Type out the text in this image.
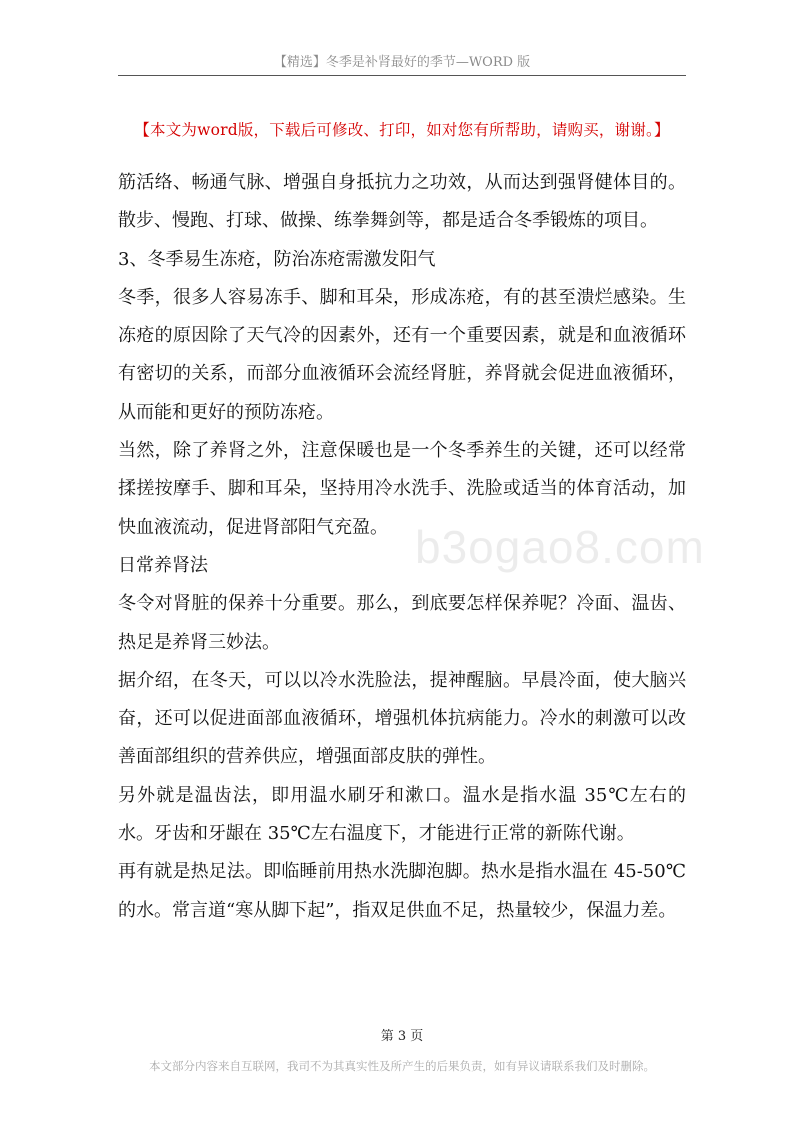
【精选】冬季是补肾最好的季节—WORD 版
【本文为word版，下载后可修改、打印，如对您有所帮助，请购买，谢谢。】

筋活络、畅通气脉、增强自身抵抗力之功效，从而达到强肾健体目的。散步、慢跑、打球、做操、练拳舞剑等，都是适合冬季锻炼的项目。

3、冬季易生冻疮，防治冻疮需激发阳气

冬季，很多人容易冻手、脚和耳朵，形成冻疮，有的甚至溃烂感染。生冻疮的原因除了天气冷的因素外，还有一个重要因素，就是和血液循环有密切的关系，而部分血液循环会流经肾脏，养肾就会促进血液循环，从而能和更好的预防冻疮。

当然，除了养肾之外，注意保暖也是一个冬季养生的关键，还可以经常揉搓按摩手、脚和耳朵，坚持用冷水洗手、洗脸或适当的体育活动，加快血液流动，促进肾部阳气充盈。

日常养肾法

冬令对肾脏的保养十分重要。那么，到底要怎样保养呢？冷面、温齿、热足是养肾三妙法。

据介绍，在冬天，可以以冷水洗脸法，提神醒脑。早晨冷面，使大脑兴奋，还可以促进面部血液循环，增强机体抗病能力。冷水的刺激可以改善面部组织的营养供应，增强面部皮肤的弹性。

另外就是温齿法，即用温水刷牙和漱口。温水是指水温 35℃左右的水。牙齿和牙龈在 35℃左右温度下，才能进行正常的新陈代谢。

再有就是热足法。即临睡前用热水洗脚泡脚。热水是指水温在 45-50℃的水。常言道“寒从脚下起”，指双足供血不足，热量较少，保温力差。

b3ogao8.com
第 3 页
本文部分内容来自互联网，我司不为其真实性及所产生的后果负责，如有异议请联系我们及时删除。
